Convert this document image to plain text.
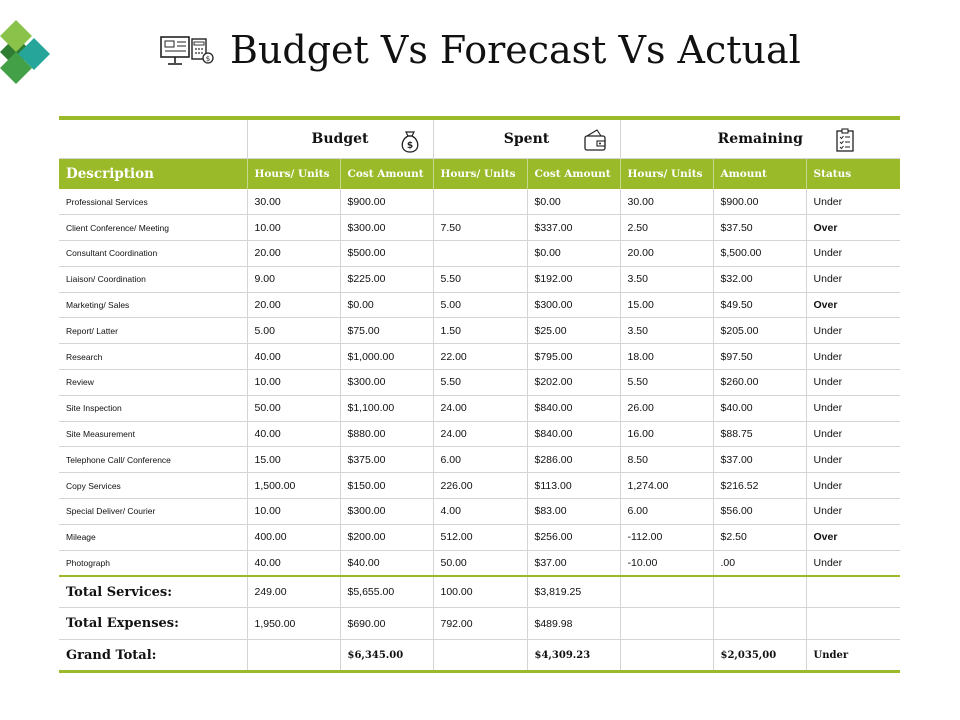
$ Budget Vs Forecast Vs Actual
	Budget $		Spent		Remaining		

Description	Hours/ Units	Cost Amount	Hours/ Units	Cost Amount	Hours/ Units	Amount	Status
Professional Services	30.00	$900.00		$0.00	30.00	$900.00	Under
Client Conference/ Meeting	10.00	$300.00	7.50	$337.00	2.50	$37.50	Over
Consultant Coordination	20.00	$500.00		$0.00	20.00	$,500.00	Under
Liaison/ Coordination	9.00	$225.00	5.50	$192.00	3.50	$32.00	Under
Marketing/ Sales	20.00	$0.00	5.00	$300.00	15.00	$49.50	Over
Report/ Latter	5.00	$75.00	1.50	$25.00	3.50	$205.00	Under
Research	40.00	$1,000.00	22.00	$795.00	18.00	$97.50	Under
Review	10.00	$300.00	5.50	$202.00	5.50	$260.00	Under
Site Inspection	50.00	$1,100.00	24.00	$840.00	26.00	$40.00	Under
Site Measurement	40.00	$880.00	24.00	$840.00	16.00	$88.75	Under
Telephone Call/ Conference	15.00	$375.00	6.00	$286.00	8.50	$37.00	Under
Copy Services	1,500.00	$150.00	226.00	$113.00	1,274.00	$216.52	Under
Special Deliver/ Courier	10.00	$300.00	4.00	$83.00	6.00	$56.00	Under
Mileage	400.00	$200.00	512.00	$256.00	-112.00	$2.50	Over
Photograph	40.00	$40.00	50.00	$37.00	-10.00	.00	Under
Total Services:	249.00	$5,655.00	100.00	$3,819.25			
Total Expenses:	1,950.00	$690.00	792.00	$489.98			
Grand Total:		$6,345.00		$4,309.23		$2,035,00	Under
